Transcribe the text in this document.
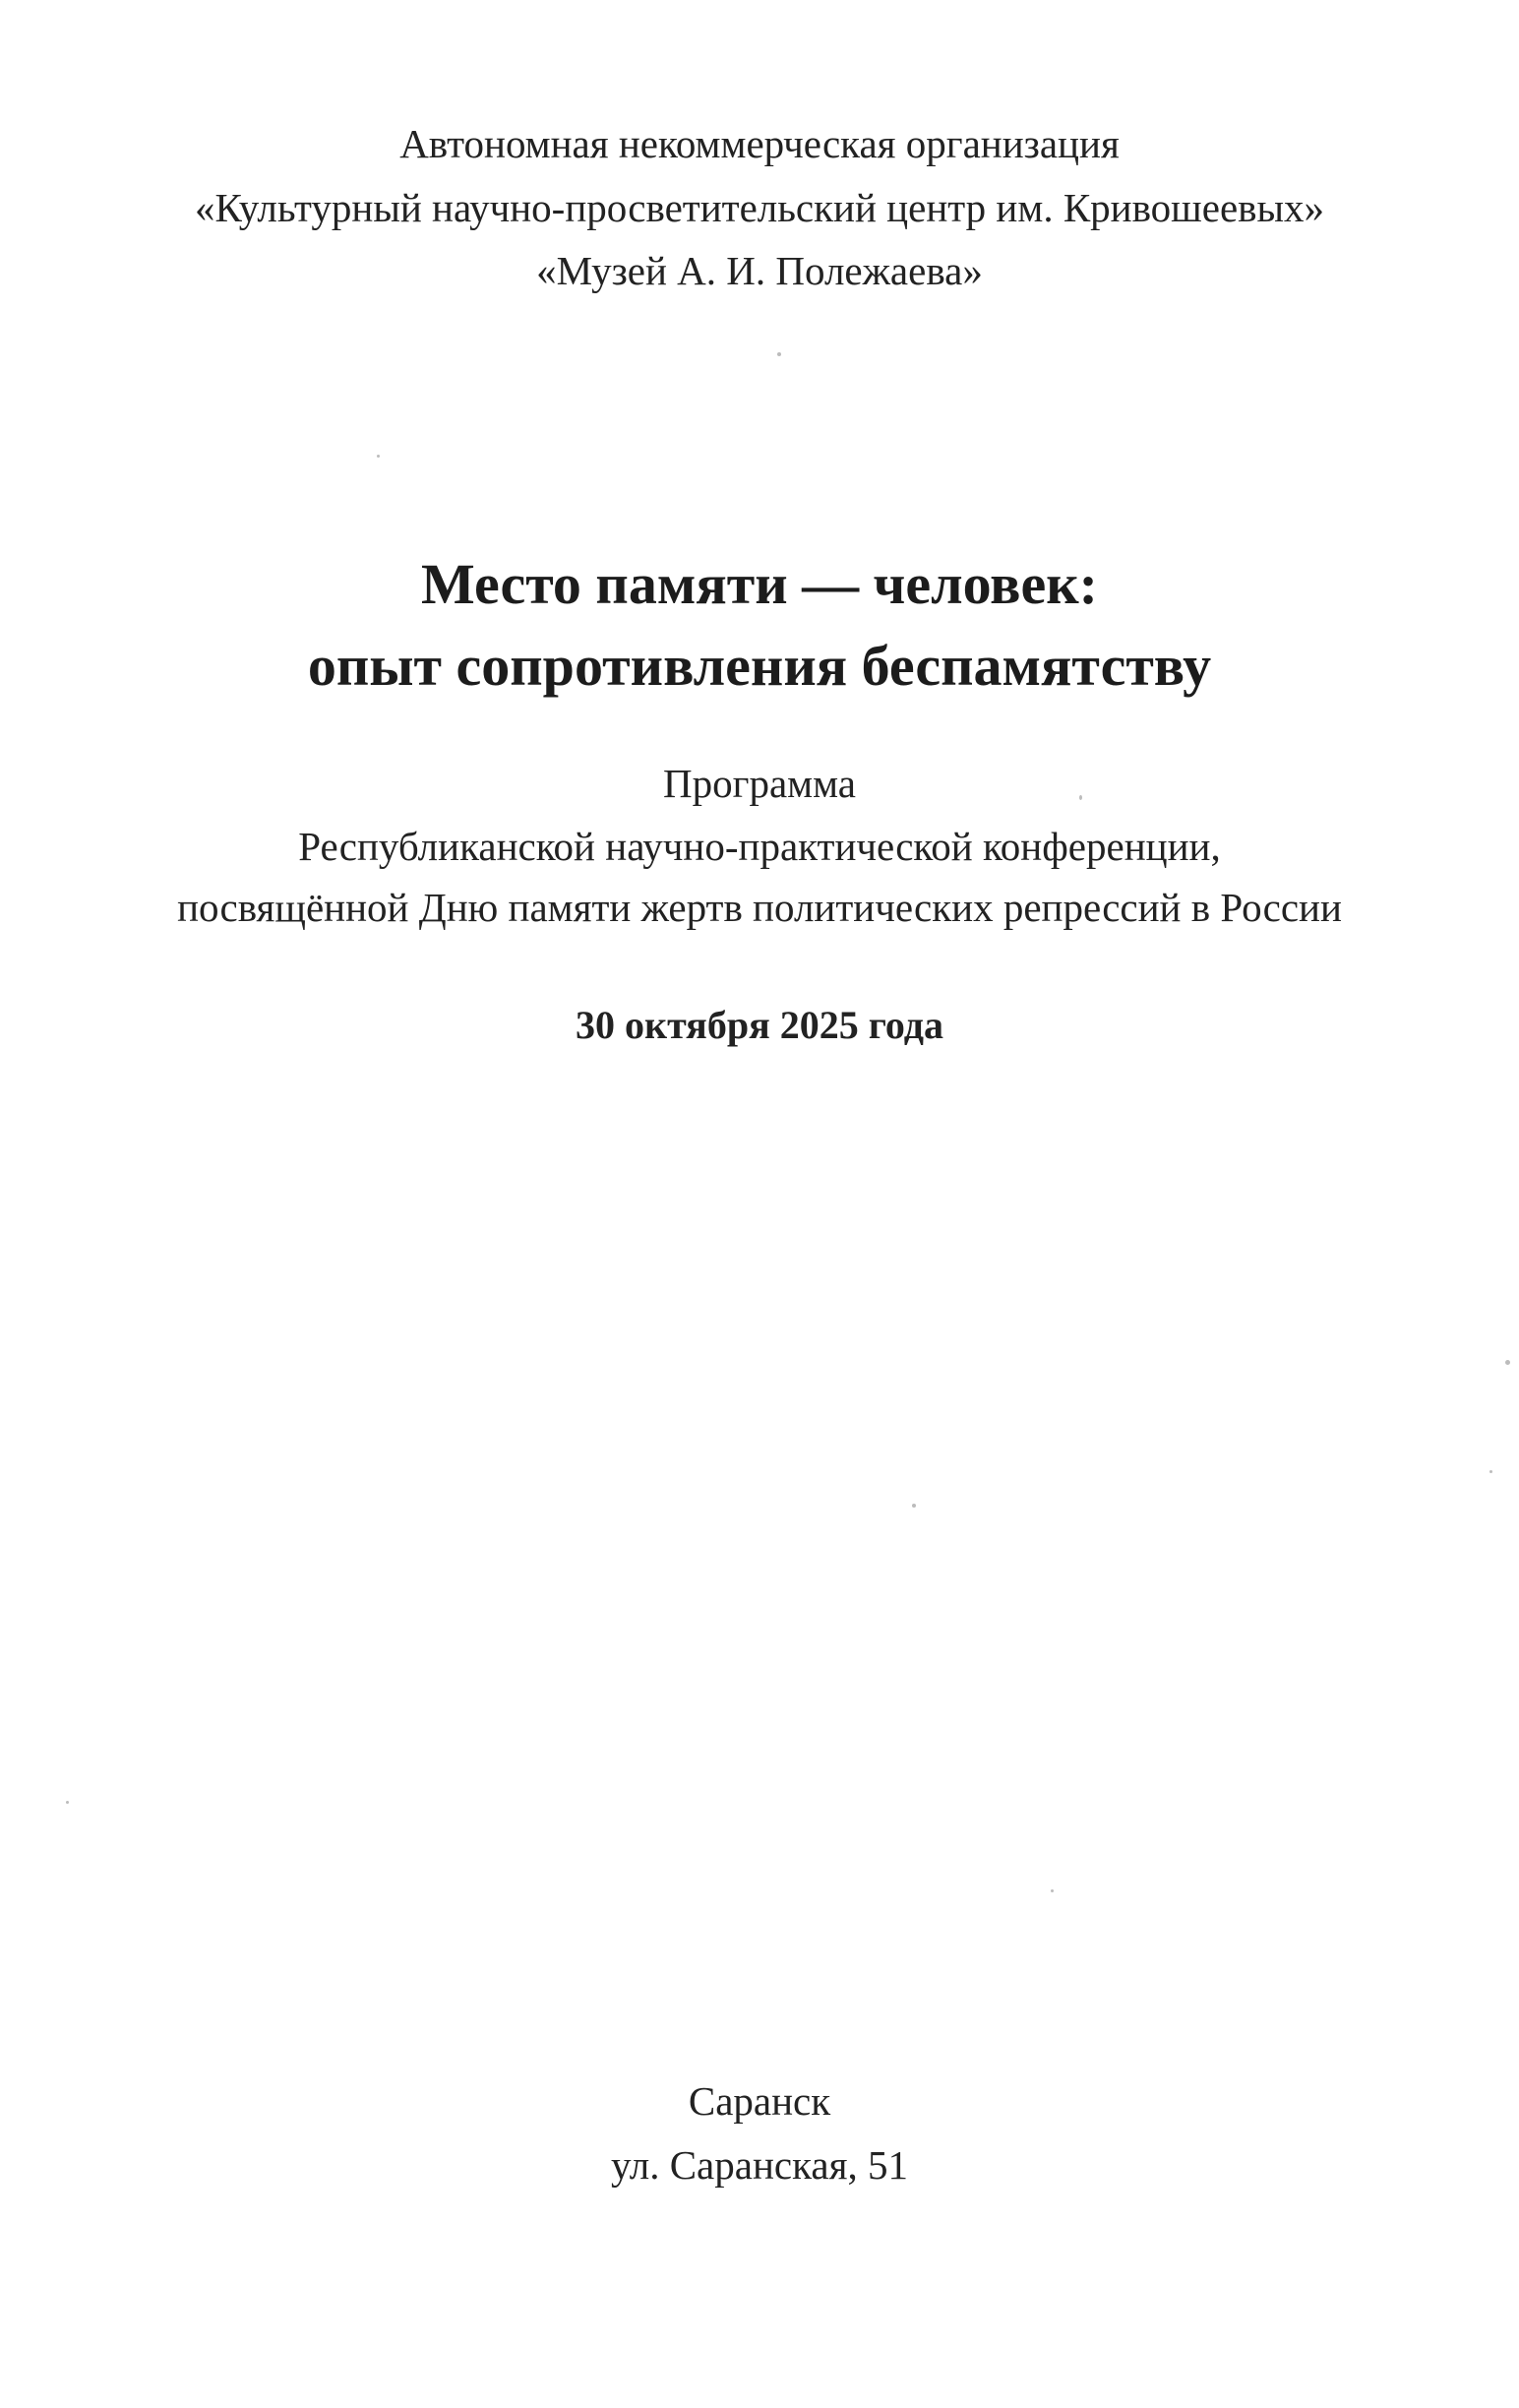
Автономная некоммерческая организация
«Культурный научно-просветительский центр им. Кривошеевых»
«Музей А. И. Полежаева»
Место памяти — человек:
опыт сопротивления беспамятству
Программа
Республиканской научно-практической конференции,
посвящённой Дню памяти жертв политических репрессий в России
30 октября 2025 года
Саранск
ул. Саранская, 51
